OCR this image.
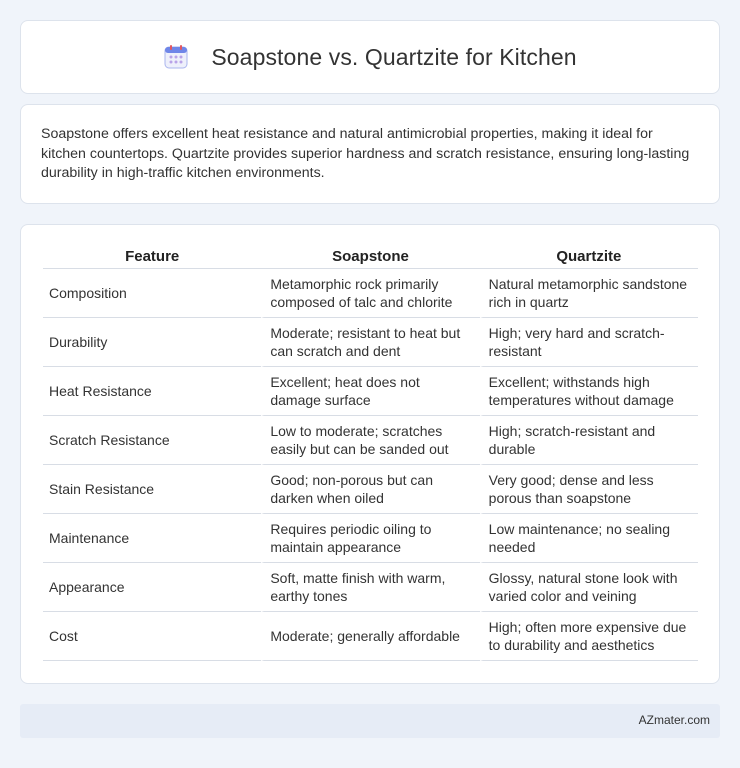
Soapstone vs. Quartzite for Kitchen

Soapstone offers excellent heat resistance and natural antimicrobial properties, making it ideal for kitchen countertops. Quartzite provides superior hardness and scratch resistance, ensuring long-lasting durability in high-traffic kitchen environments.

Feature	Soapstone	Quartzite
Composition	Metamorphic rock primarily composed of talc and chlorite	Natural metamorphic sandstone rich in quartz
Durability	Moderate; resistant to heat but can scratch and dent	High; very hard and scratch-resistant
Heat Resistance	Excellent; heat does not damage surface	Excellent; withstands high temperatures without damage
Scratch Resistance	Low to moderate; scratches easily but can be sanded out	High; scratch-resistant and durable
Stain Resistance	Good; non-porous but can darken when oiled	Very good; dense and less porous than soapstone
Maintenance	Requires periodic oiling to maintain appearance	Low maintenance; no sealing needed
Appearance	Soft, matte finish with warm, earthy tones	Glossy, natural stone look with varied color and veining
Cost	Moderate; generally affordable	High; often more expensive due to durability and aesthetics
AZmater.com
